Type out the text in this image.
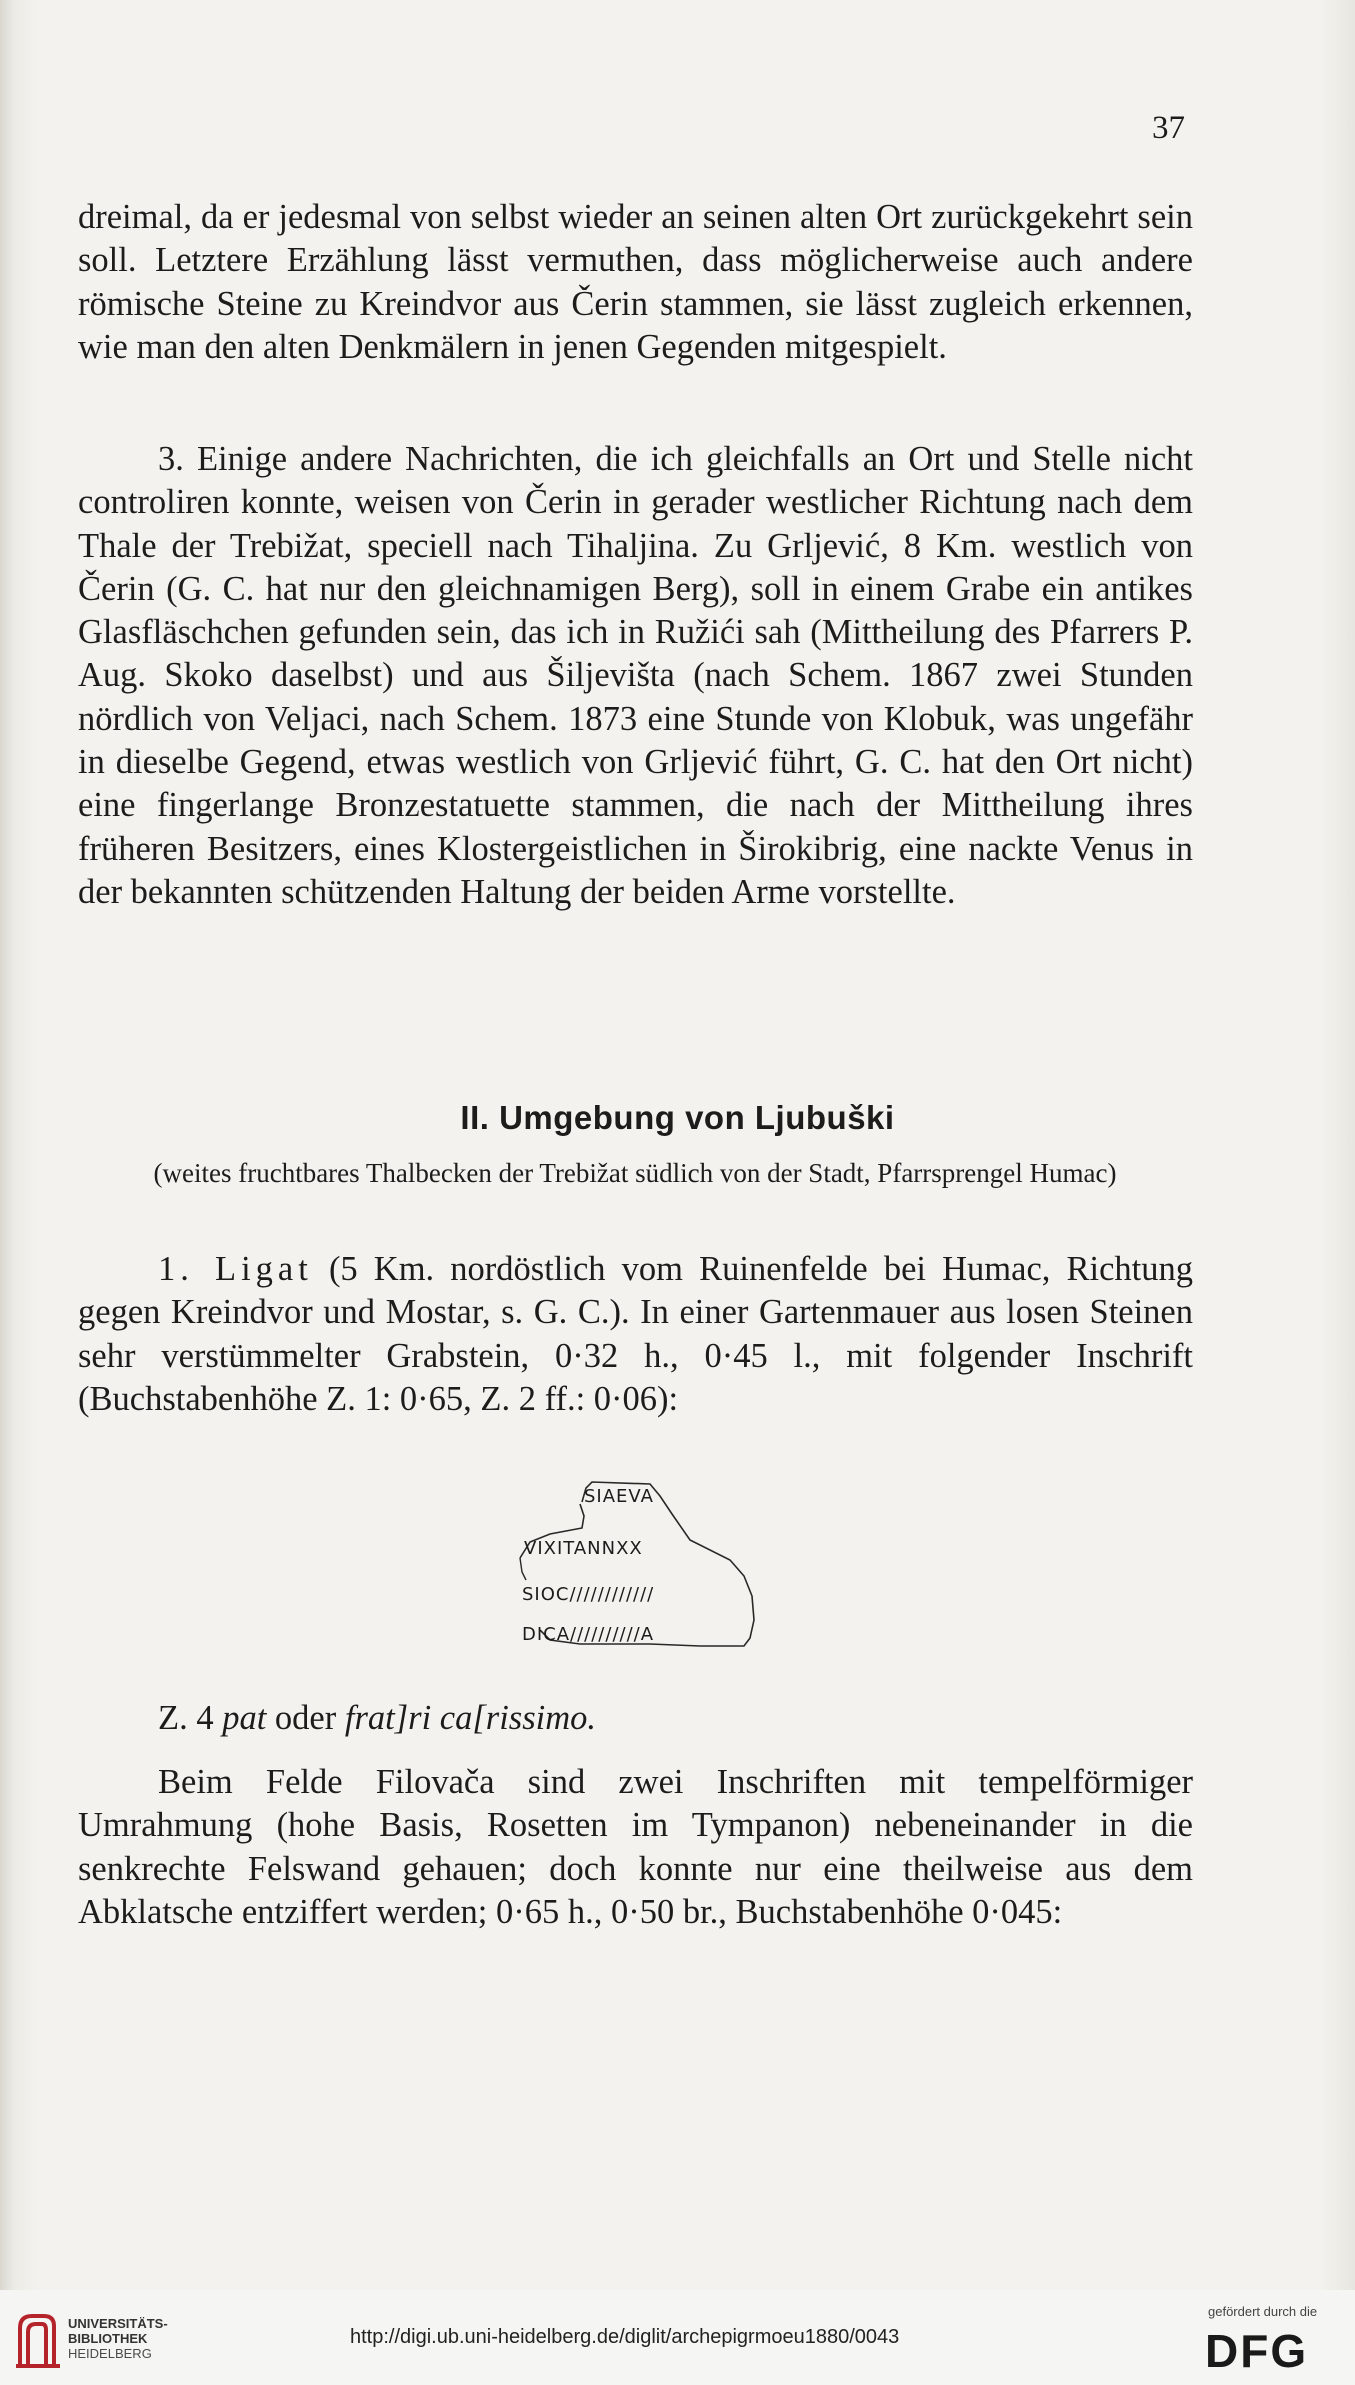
37

dreimal, da er jedesmal von selbst wieder an seinen alten Ort zurückgekehrt sein soll. Letztere Erzählung lässt vermuthen, dass möglicherweise auch andere römische Steine zu Kreindvor aus Čerin stammen, sie lässt zugleich erkennen, wie man den alten Denkmälern in jenen Gegenden mitgespielt.

3. Einige andere Nachrichten, die ich gleichfalls an Ort und Stelle nicht controliren konnte, weisen von Čerin in gerader westlicher Richtung nach dem Thale der Trebižat, speciell nach Tihaljina. Zu Grljević, 8 Km. westlich von Čerin (G. C. hat nur den gleichnamigen Berg), soll in einem Grabe ein antikes Glasfläschchen gefunden sein, das ich in Ružići sah (Mittheilung des Pfarrers P. Aug. Skoko daselbst) und aus Šiljevišta (nach Schem. 1867 zwei Stunden nördlich von Veljaci, nach Schem. 1873 eine Stunde von Klobuk, was ungefähr in dieselbe Gegend, etwas westlich von Grljević führt, G. C. hat den Ort nicht) eine fingerlange Bronzestatuette stammen, die nach der Mittheilung ihres früheren Besitzers, eines Klostergeistlichen in Širokibrig, eine nackte Venus in der bekannten schützenden Haltung der beiden Arme vorstellte.

II. Umgebung von Ljubuški
(weites fruchtbares Thalbecken der Trebižat südlich von der Stadt, Pfarrsprengel Humac)

1. Ligat (5 Km. nordöstlich vom Ruinenfelde bei Humac, Richtung gegen Kreindvor und Mostar, s. G. C.). In einer Gartenmauer aus losen Steinen sehr verstümmelter Grabstein, 0·32 h., 0·45 l., mit folgender Inschrift (Buchstabenhöhe Z. 1: 0·65, Z. 2 ff.: 0·06):

SIAEVA
VIXITANNXX
SIOC////////////
DICA//////////A

Z. 4 pat oder frat]ri ca[rissimo.

Beim Felde Filovača sind zwei Inschriften mit tempelförmiger Umrahmung (hohe Basis, Rosetten im Tympanon) nebeneinander in die senkrechte Felswand gehauen; doch konnte nur eine theilweise aus dem Abklatsche entziffert werden; 0·65 h., 0·50 br., Buchstabenhöhe 0·045:

UNIVERSITÄTS-
BIBLIOTHEK
HEIDELBERG
http://digi.ub.uni-heidelberg.de/diglit/archepigrmoeu1880/0043
gefördert durch die
DFG
